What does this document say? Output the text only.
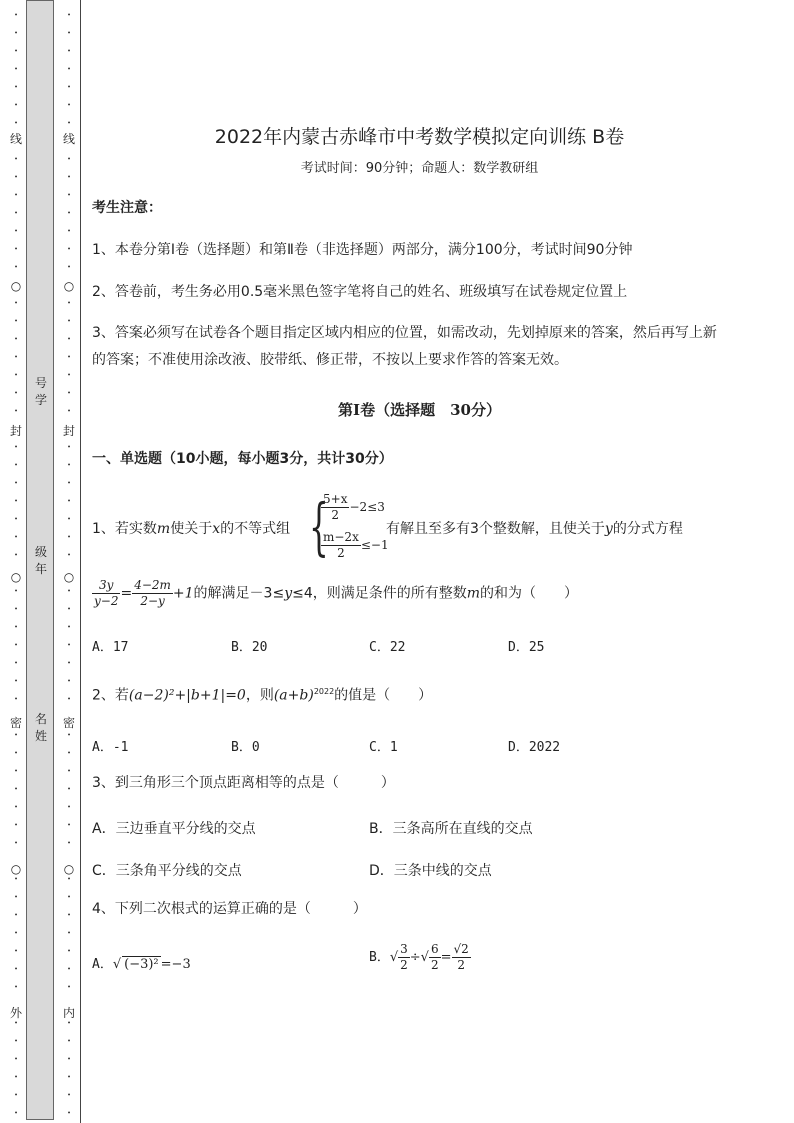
•
•
•
•
•
•
•
线
•
•
•
•
•
•
•
○
•
•
•
•
•
•
•
封
•
•
•
•
•
•
•
○
•
•
•
•
•
•
•
密
•
•
•
•
•
•
•
○
•
•
•
•
•
•
•
外
•
•
•
•
•
•
号
学
级
年
名
姓
•
•
•
•
•
•
•
线
•
•
•
•
•
•
•
○
•
•
•
•
•
•
•
封
•
•
•
•
•
•
•
○
•
•
•
•
•
•
•
密
•
•
•
•
•
•
•
○
•
•
•
•
•
•
•
内
•
•
•
•
•
•
2022年内蒙古赤峰市中考数学模拟定向训练 B卷
考试时间：90分钟；命题人：数学教研组
考生注意：
1、本卷分第I卷（选择题）和第Ⅱ卷（非选择题）两部分，满分100分，考试时间90分钟
2、答卷前，考生务必用0.5毫米黑色签字笔将自己的姓名、班级填写在试卷规定位置上
3、答案必须写在试卷各个题目指定区域内相应的位置，如需改动，先划掉原来的答案，然后再写上新
的答案；不准使用涂改液、胶带纸、修正带，不按以上要求作答的答案无效。
第I卷（选择题　30分）
一、单选题（10小题，每小题3分，共计30分）
1、若实数m使关于x的不等式组 {
$\frac{5+x}{2} -2\le 3$
$\frac{m-2x}{2} \le-1$
有解且至多有3个整数解，且使关于y的分式方程
$\frac{3y}{y-2} = \frac{4-2m}{2-y} +1$的解满足－3≤y≤4，则满足条件的所有整数m的和为（　　）
A．17	B．20	C．22	D．25
2、若(a−2)²+|b+1|=0，则$(a+b)^{2022}$的值是（　　）
A．-1	B．0	C．1	D．2022
3、到三角形三个顶点距离相等的点是（　　　）
A．三边垂直平分线的交点	B．三条高所在直线的交点
C．三条角平分线的交点	D．三条中线的交点
4、下列二次根式的运算正确的是（　　　）
A．√ (−3)² =−3	B．√ $\frac{3}{2}$ ÷√ $\frac{6}{2} = \frac{√2}{2}$
